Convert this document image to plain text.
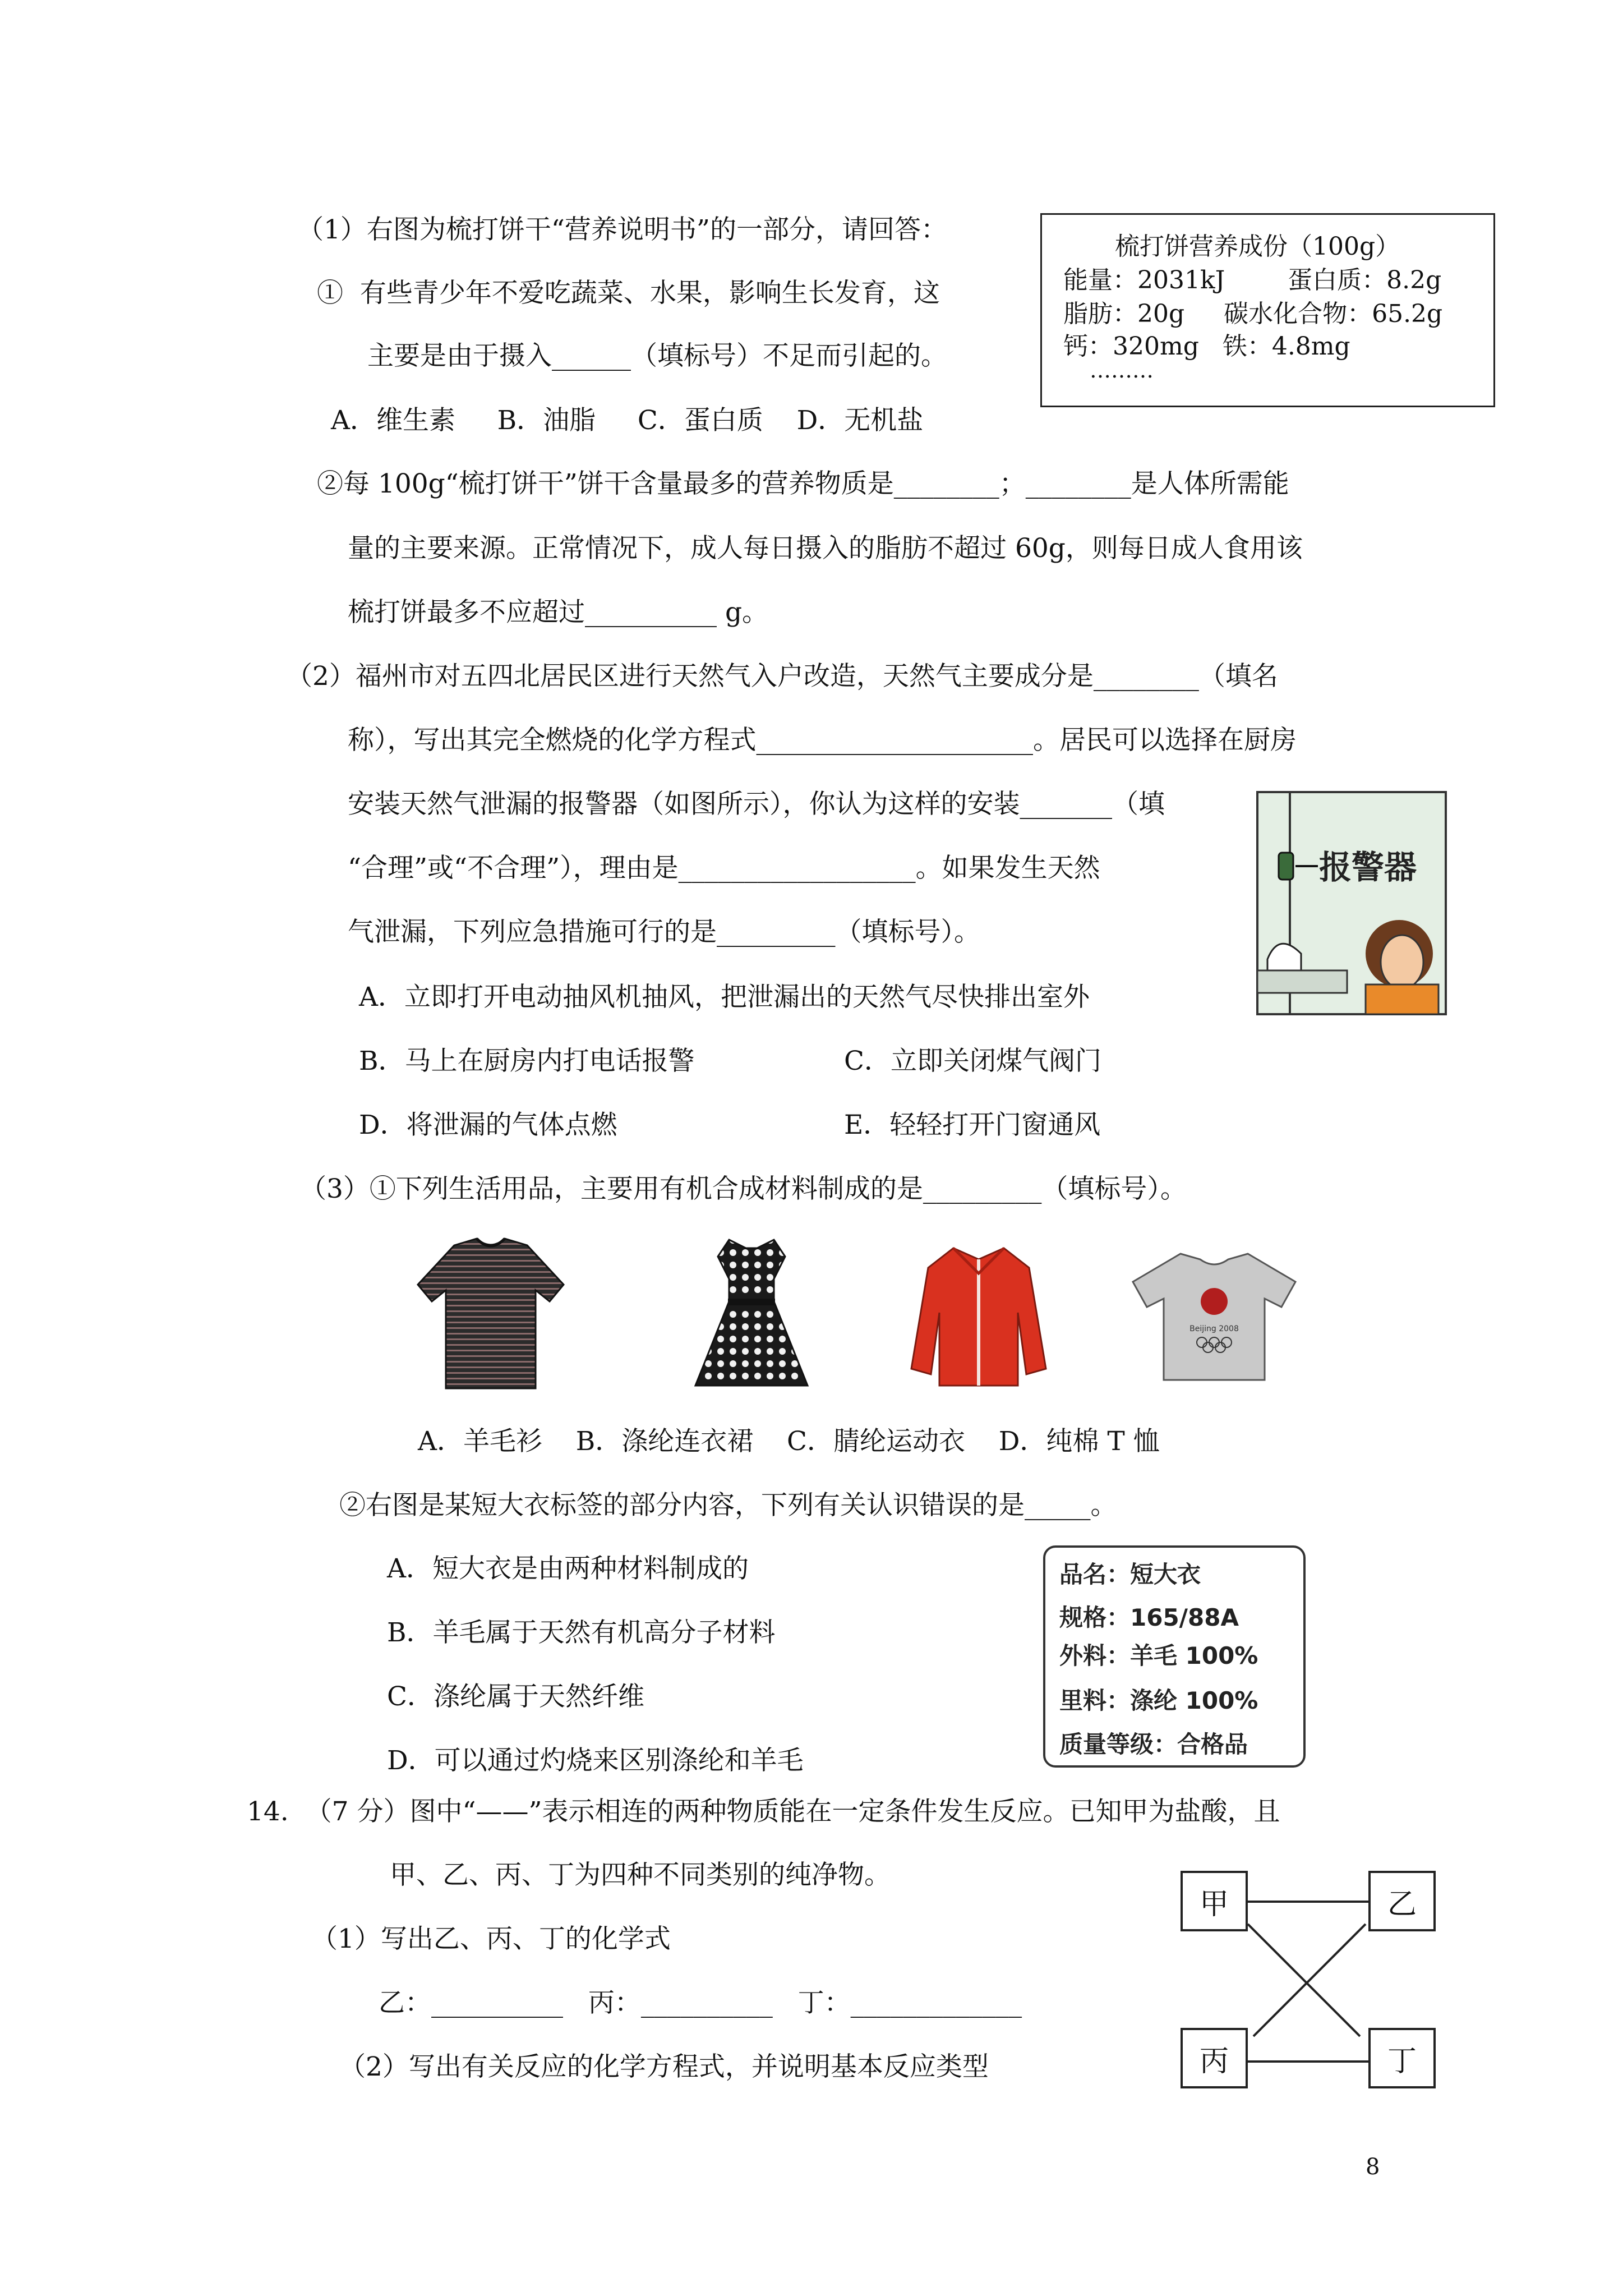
（1）右图为梳打饼干“营养说明书”的一部分，请回答：
①  有些青少年不爱吃蔬菜、水果，影响生长发育，这
主要是由于摄入______（填标号）不足而引起的。
A．维生素     B．油脂     C．蛋白质    D．无机盐
②每 100g“梳打饼干”饼干含量最多的营养物质是________；________是人体所需能
量的主要来源。正常情况下，成人每日摄入的脂肪不超过 60g，则每日成人食用该
梳打饼最多不应超过__________ g。
梳打饼营养成份（100g）
能量：2031kJ        蛋白质：8.2g
脂肪：20g     碳水化合物：65.2g
钙：320mg   铁：4.8mg
………
（2）福州市对五四北居民区进行天然气入户改造，天然气主要成分是________（填名
称），写出其完全燃烧的化学方程式_____________________。居民可以选择在厨房
安装天然气泄漏的报警器（如图所示），你认为这样的安装_______（填
“合理”或“不合理”），理由是__________________。如果发生天然
气泄漏，下列应急措施可行的是_________（填标号）。
A．立即打开电动抽风机抽风，把泄漏出的天然气尽快排出室外
B．马上在厨房内打电话报警	C．立即关闭煤气阀门
D．将泄漏的气体点燃	E．轻轻打开门窗通风
报警器
（3）①下列生活用品，主要用有机合成材料制成的是_________（填标号）。
Beijing 2008
A．羊毛衫    B．涤纶连衣裙    C．腈纶运动衣    D．纯棉 T 恤
②右图是某短大衣标签的部分内容，下列有关认识错误的是_____。
A．短大衣是由两种材料制成的
B．羊毛属于天然有机高分子材料
C．涤纶属于天然纤维
D．可以通过灼烧来区别涤纶和羊毛
品名：短大衣
规格：165/88A
外料：羊毛 100%
里料：涤纶 100%
质量等级：合格品
14.  （7 分）图中“——”表示相连的两种物质能在一定条件发生反应。已知甲为盐酸，且
甲、乙、丙、丁为四种不同类别的纯净物。
（1）写出乙、丙、丁的化学式
乙：__________   丙：__________   丁：_____________
（2）写出有关反应的化学方程式，并说明基本反应类型
甲	乙
丙	丁
8
